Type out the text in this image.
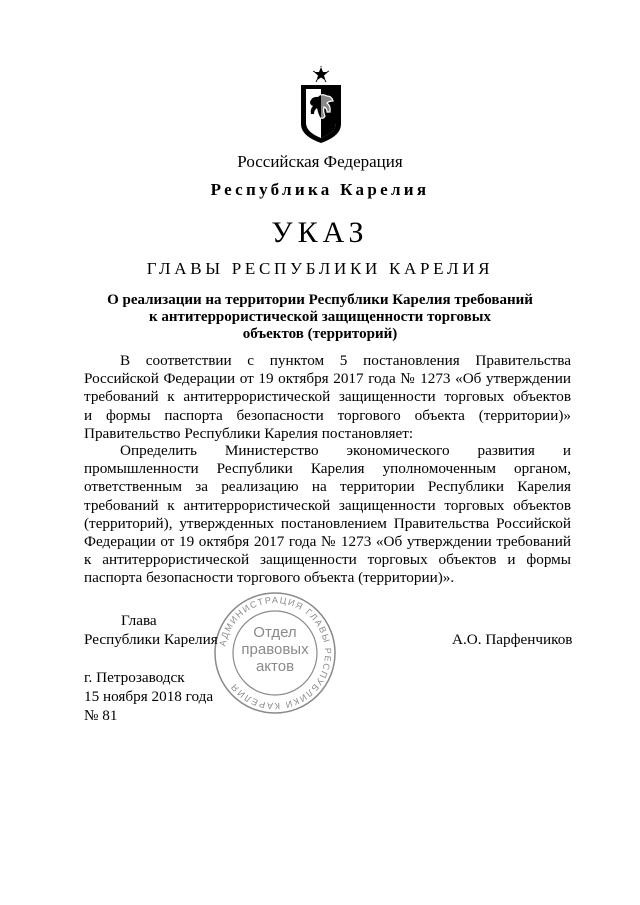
Российская Федерация
Республика Карелия
УКАЗ
ГЛАВЫ РЕСПУБЛИКИ КАРЕЛИЯ
О реализации на территории Республики Карелия требований
к антитеррористической защищенности торговых
объектов (территорий)
В соответствии с пунктом 5 постановления Правительства
Российской Федерации от 19 октября 2017 года № 1273 «Об утверждении
требований к антитеррористической защищенности торговых объектов
и формы паспорта безопасности торгового объекта (территории)»
Правительство Республики Карелия постановляет:
Определить Министерство экономического развития и
промышленности Республики Карелия уполномоченным органом,
ответственным за реализацию на территории Республики Карелия
требований к антитеррористической защищенности торговых объектов
(территорий), утвержденных постановлением Правительства Российской
Федерации от 19 октября 2017 года № 1273 «Об утверждении требований
к антитеррористической защищенности торговых объектов и формы
паспорта безопасности торгового объекта (территории)».
АДМИНИСТРАЦИЯ ГЛАВЫ РЕСПУБЛИКИ КАРЕЛИЯ
Отдел
правовых
актов
Глава
Республики Карелия	А.О. Парфенчиков
г. Петрозаводск
15 ноября 2018 года
№ 81
